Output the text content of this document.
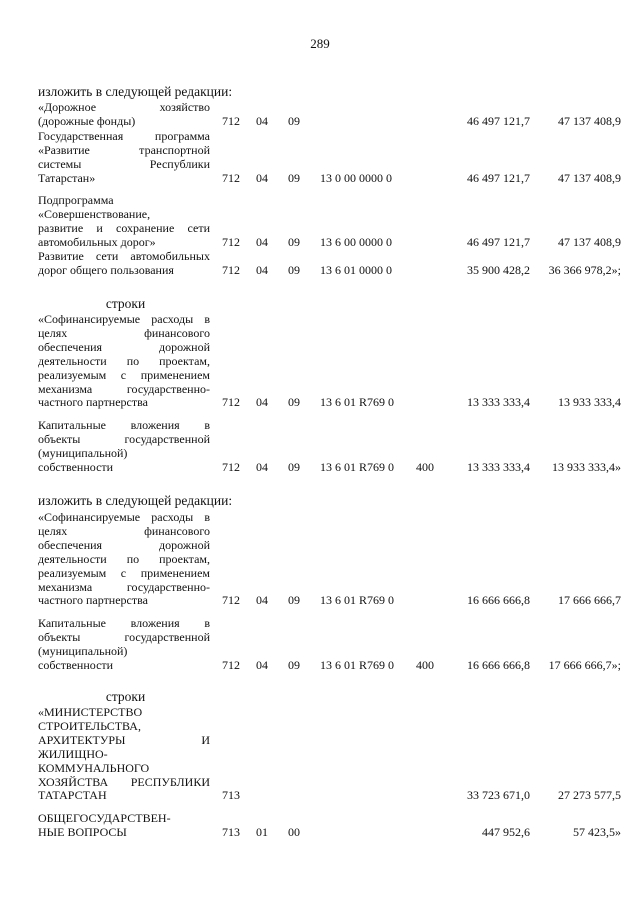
289
изложить в следующей редакции:
«Дорожное хозяйство
(дорожные фонды)	712 04 09	46 497 121,7 47 137 408,9
Государственная программа
«Развитие транспортной
системы Республики
Татарстан»	712 04 09 13 0 00 0000 0	46 497 121,7 47 137 408,9
Подпрограмма
«Совершенствование,
развитие и сохранение сети
автомобильных дорог»	712 04 09 13 6 00 0000 0	46 497 121,7 47 137 408,9
Развитие сети автомобильных
дорог общего пользования	712 04 09 13 6 01 0000 0	35 900 428,2 36 366 978,2»;
строки
«Софинансируемые расходы в
целях финансового
обеспечения дорожной
деятельности по проектам,
реализуемым с применением
механизма государственно-
частного партнерства	712 04 09 13 6 01 R769 0	13 333 333,4 13 933 333,4
Капитальные вложения в
объекты государственной
(муниципальной)
собственности	712 04 09 13 6 01 R769 0 400	13 333 333,4 13 933 333,4»
изложить в следующей редакции:
«Софинансируемые расходы в
целях финансового
обеспечения дорожной
деятельности по проектам,
реализуемым с применением
механизма государственно-
частного партнерства	712 04 09 13 6 01 R769 0	16 666 666,8 17 666 666,7
Капитальные вложения в
объекты государственной
(муниципальной)
собственности	712 04 09 13 6 01 R769 0 400	16 666 666,8 17 666 666,7»;
строки
«МИНИСТЕРСТВО
СТРОИТЕЛЬСТВА,
АРХИТЕКТУРЫ И
ЖИЛИЩНО-
КОММУНАЛЬНОГО
ХОЗЯЙСТВА РЕСПУБЛИКИ
ТАТАРСТАН	713	33 723 671,0 27 273 577,5
ОБЩЕГОСУДАРСТВЕН-
НЫЕ ВОПРОСЫ	713 01 00	447 952,6	57 423,5»
